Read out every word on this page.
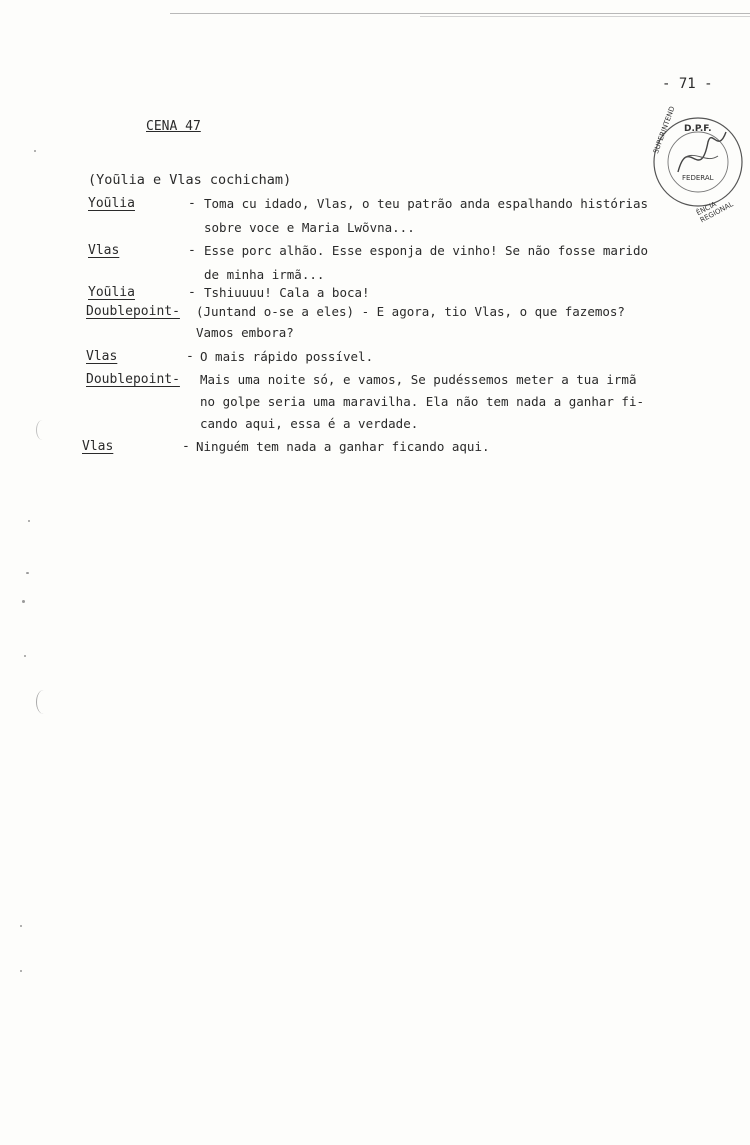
- 71 -
CENA 47	D.P.F.
FEDERAL
SUPERINTEND
ÊNCIA REGIONAL
(Yoũlia e Vlas cochicham)
Yoũlia	- Toma cu idado, Vlas, o teu patrão anda espalhando histórias
sobre voce e Maria Lwõvna...
Vlas	- Esse porc alhão. Esse esponja de vinho! Se não fosse marido
de minha irmã...
Yoũlia	- Tshiuuuu! Cala a boca!
Doublepoint- (Juntand o-se a eles) - E agora, tio Vlas, o que fazemos?
Vamos embora?
Vlas	- O mais rápido possível.
Doublepoint- Mais uma noite só, e vamos, Se pudéssemos meter a tua irmã
no golpe seria uma maravilha. Ela não tem nada a ganhar fi-
cando aqui, essa é a verdade.
Vlas	- Ninguém tem nada a ganhar ficando aqui.
